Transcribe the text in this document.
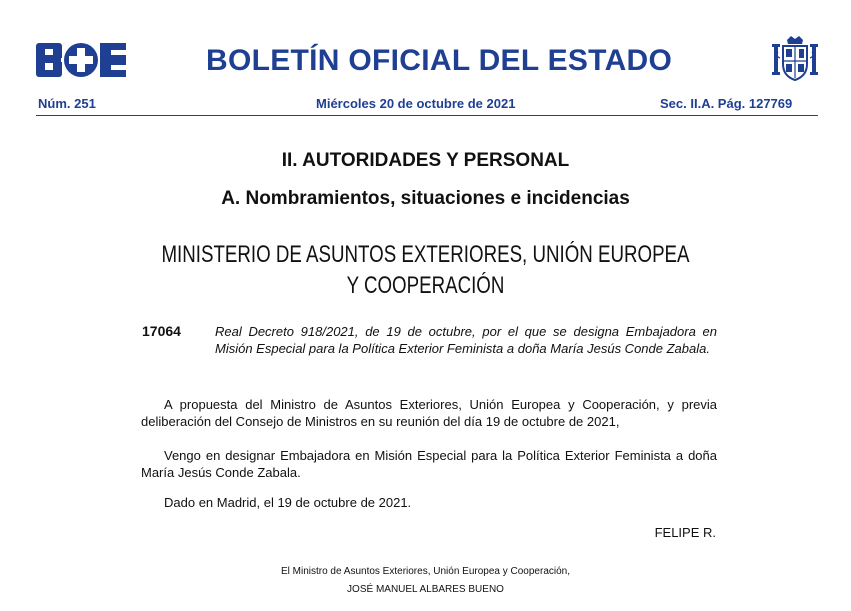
BOLETÍN OFICIAL DEL ESTADO
Núm. 251	Miércoles 20 de octubre de 2021	Sec. II.A. Pág. 127769
II. AUTORIDADES Y PERSONAL
A. Nombramientos, situaciones e incidencias
MINISTERIO DE ASUNTOS EXTERIORES, UNIÓN EUROPEA
Y COOPERACIÓN
17064	Real Decreto 918/2021, de 19 de octubre, por el que se designa Embajadora en Misión Especial para la Política Exterior Feminista a doña María Jesús Conde Zabala.
A propuesta del Ministro de Asuntos Exteriores, Unión Europea y Cooperación, y previa deliberación del Consejo de Ministros en su reunión del día 19 de octubre de 2021,
Vengo en designar Embajadora en Misión Especial para la Política Exterior Feminista a doña María Jesús Conde Zabala.
Dado en Madrid, el 19 de octubre de 2021.
FELIPE R.
El Ministro de Asuntos Exteriores, Unión Europea y Cooperación,
JOSÉ MANUEL ALBARES BUENO
